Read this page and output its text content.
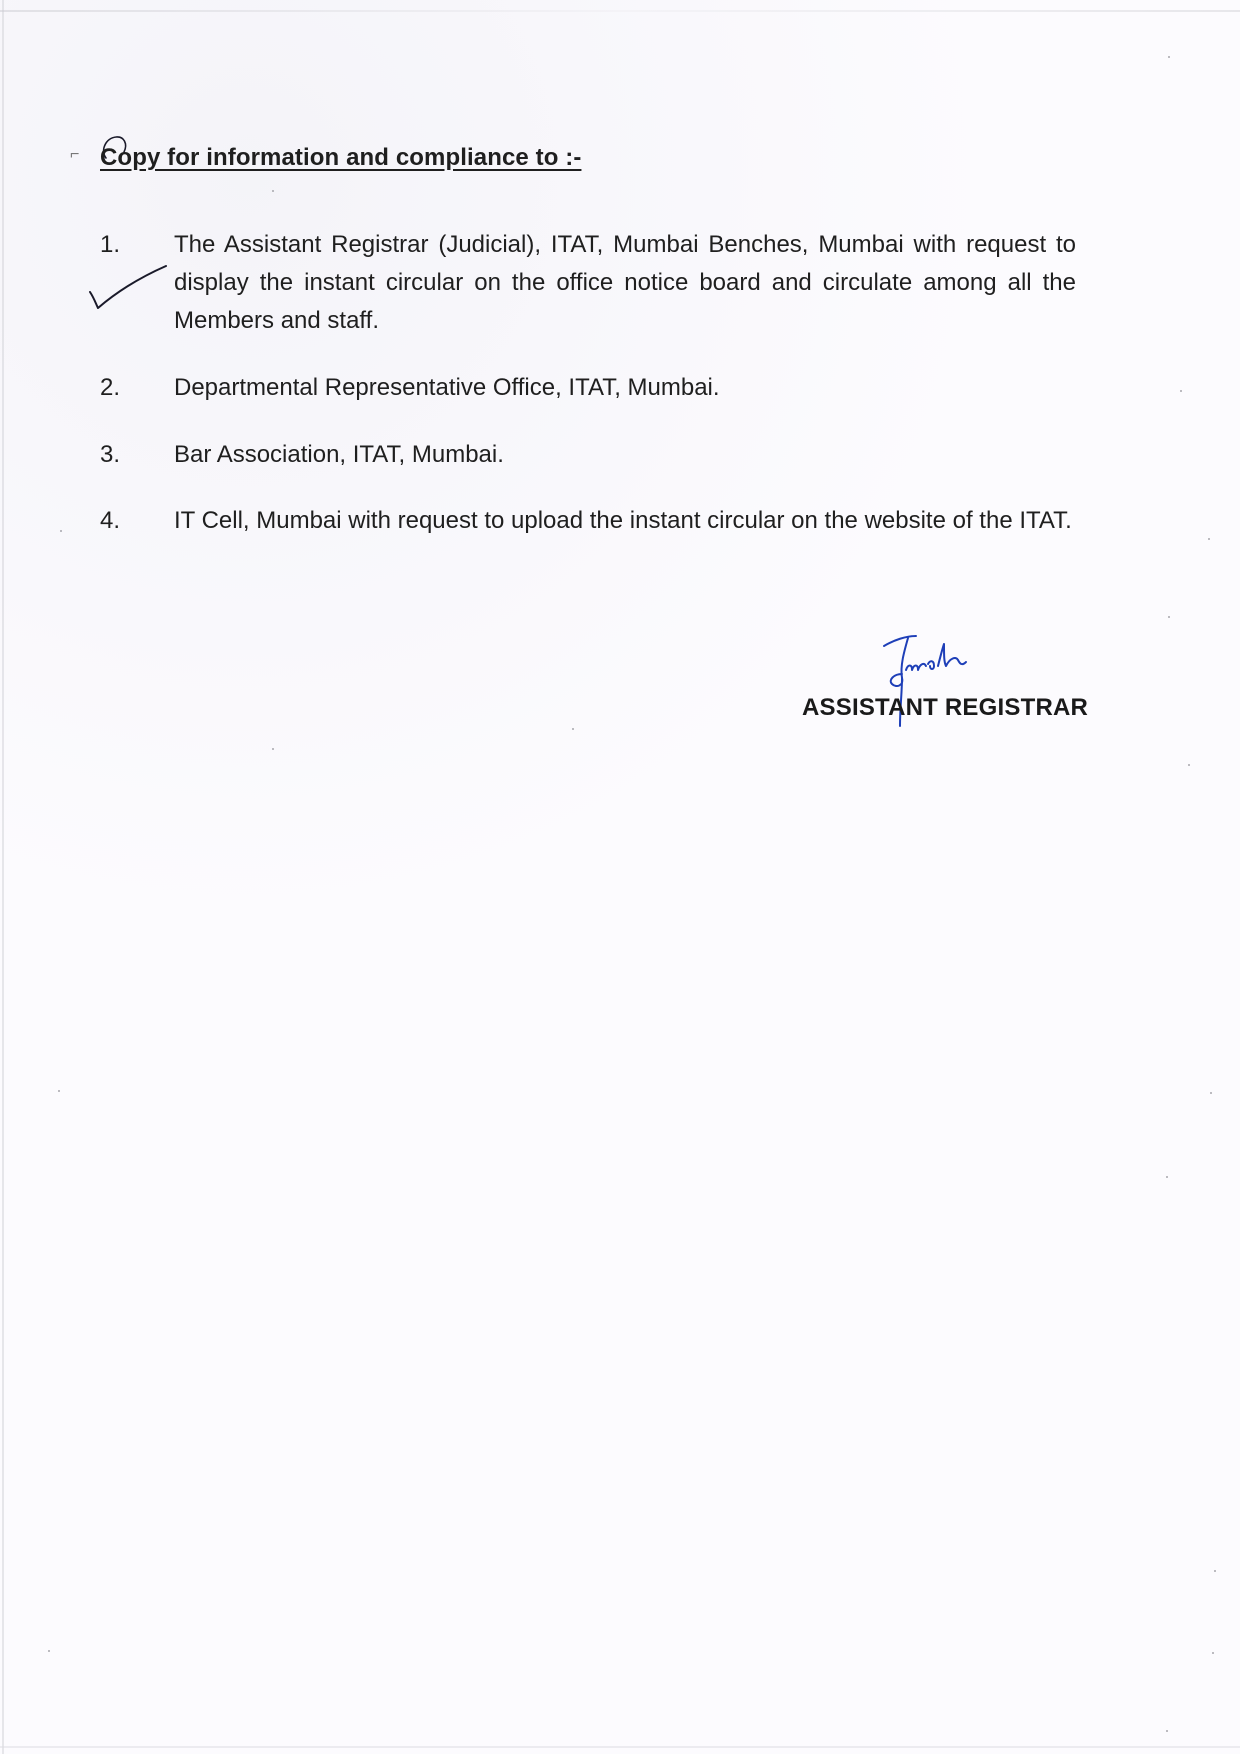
⌐ Copy for information and compliance to :-
1.	The Assistant Registrar (Judicial), ITAT, Mumbai Benches, Mumbai with request to display the instant circular on the office notice board and circulate among all the Members and staff.
2.	Departmental Representative Office, ITAT, Mumbai.
3.	Bar Association, ITAT, Mumbai.
4.	IT Cell, Mumbai with request to upload the instant circular on the website of the ITAT.
ASSISTANT REGISTRAR
